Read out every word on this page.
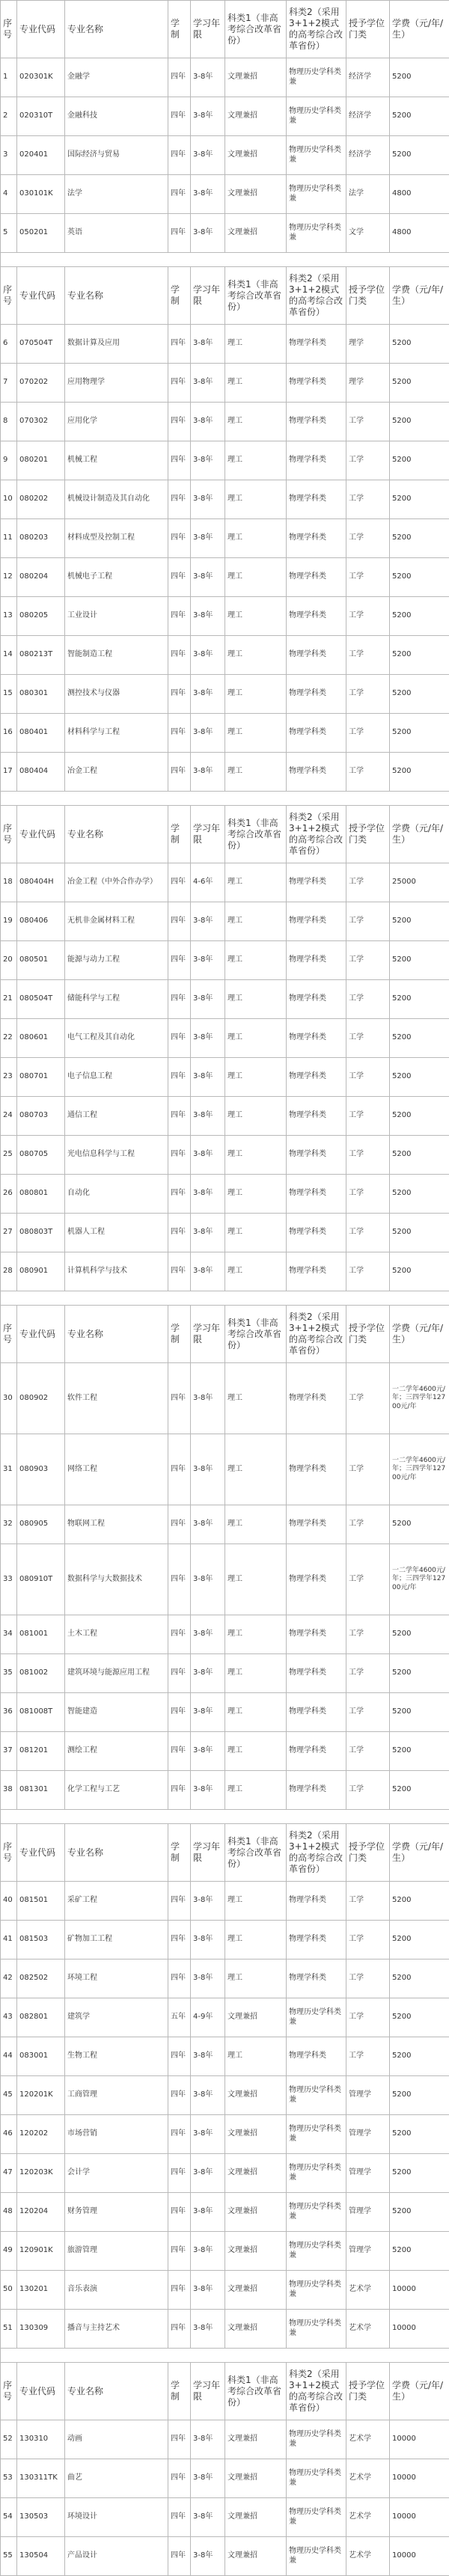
序号	专业代码	专业名称	学制	学习年限	科类1（非高考综合改革省份）	科类2（采用3+1+2模式的高考综合改革省份）	授予学位门类	学费（元/年/生）
1	020301K	金融学	四年	3-8年	文理兼招	物理历史学科类兼	经济学	5200
2	020310T	金融科技	四年	3-8年	文理兼招	物理历史学科类兼	经济学	5200
3	020401	国际经济与贸易	四年	3-8年	文理兼招	物理历史学科类兼	经济学	5200
4	030101K	法学	四年	3-8年	文理兼招	物理历史学科类兼	法学	4800
5	050201	英语	四年	3-8年	文理兼招	物理历史学科类兼	文学	4800

序号	专业代码	专业名称	学制	学习年限	科类1（非高考综合改革省份）	科类2（采用3+1+2模式的高考综合改革省份）	授予学位门类	学费（元/年/生）
6	070504T	数据计算及应用	四年	3-8年	理工	物理学科类	理学	5200
7	070202	应用物理学	四年	3-8年	理工	物理学科类	理学	5200
8	070302	应用化学	四年	3-8年	理工	物理学科类	工学	5200
9	080201	机械工程	四年	3-8年	理工	物理学科类	工学	5200
10	080202	机械设计制造及其自动化	四年	3-8年	理工	物理学科类	工学	5200
11	080203	材料成型及控制工程	四年	3-8年	理工	物理学科类	工学	5200
12	080204	机械电子工程	四年	3-8年	理工	物理学科类	工学	5200
13	080205	工业设计	四年	3-8年	理工	物理学科类	工学	5200
14	080213T	智能制造工程	四年	3-8年	理工	物理学科类	工学	5200
15	080301	测控技术与仪器	四年	3-8年	理工	物理学科类	工学	5200
16	080401	材料科学与工程	四年	3-8年	理工	物理学科类	工学	5200
17	080404	冶金工程	四年	3-8年	理工	物理学科类	工学	5200

序号	专业代码	专业名称	学制	学习年限	科类1（非高考综合改革省份）	科类2（采用3+1+2模式的高考综合改革省份）	授予学位门类	学费（元/年/生）
18	080404H	冶金工程（中外合作办学）	四年	4-6年	理工	物理学科类	工学	25000
19	080406	无机非金属材料工程	四年	3-8年	理工	物理学科类	工学	5200
20	080501	能源与动力工程	四年	3-8年	理工	物理学科类	工学	5200
21	080504T	储能科学与工程	四年	3-8年	理工	物理学科类	工学	5200
22	080601	电气工程及其自动化	四年	3-8年	理工	物理学科类	工学	5200
23	080701	电子信息工程	四年	3-8年	理工	物理学科类	工学	5200
24	080703	通信工程	四年	3-8年	理工	物理学科类	工学	5200
25	080705	光电信息科学与工程	四年	3-8年	理工	物理学科类	工学	5200
26	080801	自动化	四年	3-8年	理工	物理学科类	工学	5200
27	080803T	机器人工程	四年	3-8年	理工	物理学科类	工学	5200
28	080901	计算机科学与技术	四年	3-8年	理工	物理学科类	工学	5200

序号	专业代码	专业名称	学制	学习年限	科类1（非高考综合改革省份）	科类2（采用3+1+2模式的高考综合改革省份）	授予学位门类	学费（元/年/生）
30	080902	软件工程	四年	3-8年	理工	物理学科类	工学	一二学年4600元/年；三四学年12700元/年
31	080903	网络工程	四年	3-8年	理工	物理学科类	工学	一二学年4600元/年；三四学年12700元/年
32	080905	物联网工程	四年	3-8年	理工	物理学科类	工学	5200
33	080910T	数据科学与大数据技术	四年	3-8年	理工	物理学科类	工学	一二学年4600元/年；三四学年12700元/年
34	081001	土木工程	四年	3-8年	理工	物理学科类	工学	5200
35	081002	建筑环境与能源应用工程	四年	3-8年	理工	物理学科类	工学	5200
36	081008T	智能建造	四年	3-8年	理工	物理学科类	工学	5200
37	081201	测绘工程	四年	3-8年	理工	物理学科类	工学	5200
38	081301	化学工程与工艺	四年	3-8年	理工	物理学科类	工学	5200

序号	专业代码	专业名称	学制	学习年限	科类1（非高考综合改革省份）	科类2（采用3+1+2模式的高考综合改革省份）	授予学位门类	学费（元/年/生）
40	081501	采矿工程	四年	3-8年	理工	物理学科类	工学	5200
41	081503	矿物加工工程	四年	3-8年	理工	物理学科类	工学	5200
42	082502	环境工程	四年	3-8年	理工	物理学科类	工学	5200
43	082801	建筑学	五年	4-9年	文理兼招	物理历史学科类兼	工学	5200
44	083001	生物工程	四年	3-8年	理工	物理学科类	工学	5200
45	120201K	工商管理	四年	3-8年	文理兼招	物理历史学科类兼	管理学	5200
46	120202	市场营销	四年	3-8年	文理兼招	物理历史学科类兼	管理学	5200
47	120203K	会计学	四年	3-8年	文理兼招	物理历史学科类兼	管理学	5200
48	120204	财务管理	四年	3-8年	文理兼招	物理历史学科类兼	管理学	5200
49	120901K	旅游管理	四年	3-8年	文理兼招	物理历史学科类兼	管理学	5200
50	130201	音乐表演	四年	3-8年	文理兼招	物理历史学科类兼	艺术学	10000
51	130309	播音与主持艺术	四年	3-8年	文理兼招	物理历史学科类兼	艺术学	10000

序号	专业代码	专业名称	学制	学习年限	科类1（非高考综合改革省份）	科类2（采用3+1+2模式的高考综合改革省份）	授予学位门类	学费（元/年/生）
52	130310	动画	四年	3-8年	文理兼招	物理历史学科类兼	艺术学	10000
53	130311TK	曲艺	四年	3-8年	文理兼招	物理历史学科类兼	艺术学	10000
54	130503	环境设计	四年	3-8年	文理兼招	物理历史学科类兼	艺术学	10000
55	130504	产品设计	四年	3-8年	文理兼招	物理历史学科类兼	艺术学	10000
